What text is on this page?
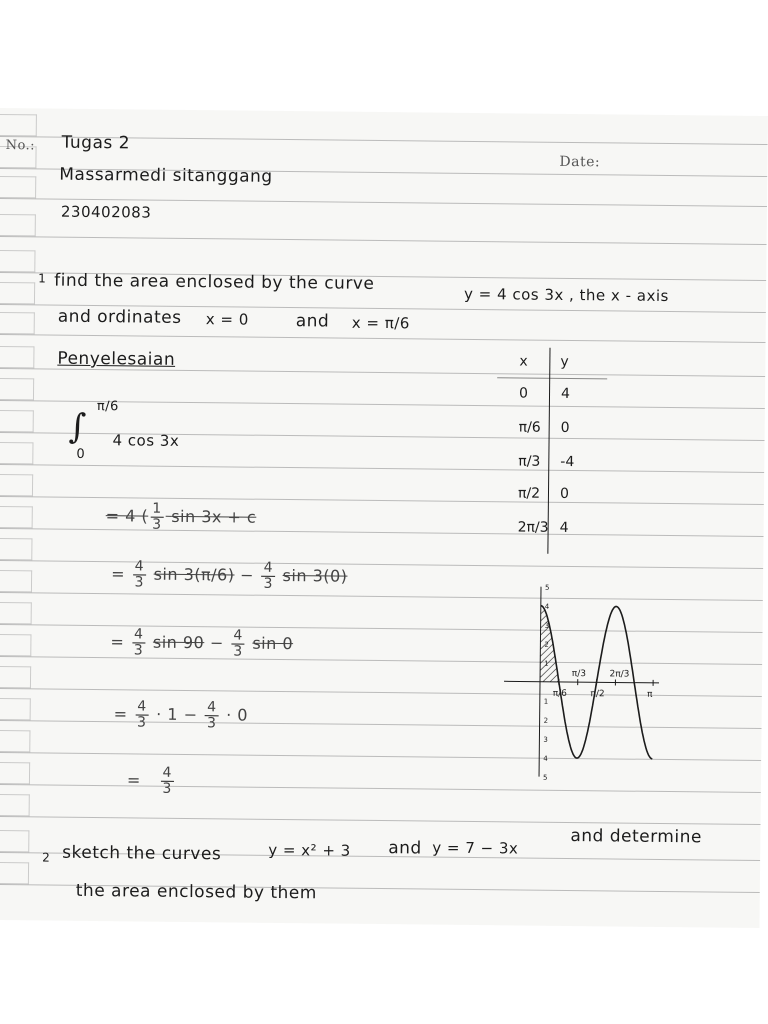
No.:
Date:
Tugas 2
Massarmedi sitanggang
230402083
1 find the area enclosed by the curve
y = 4 cos 3x , the x - axis
and ordinates x = 0	and x = π/6
Penyelesaian
∫
π/6
0
4 cos 3x
= 4 ( $\frac{1}{3}$ sin 3x + c
= $\frac{4}{3}$ $\sin 3(\pi/6) - \frac{4}{3}$ sin 3(0)
= $\frac{4}{3}$ $\sin 90 - \frac{4}{3}$ sin 0
= $\frac{4}{3} \cdot 1 - \frac{4}{3} \cdot 0$
= $\frac{4}{3}$
x y
0 4
π/6 0
π/3 -4
π/2 0
2π/3 4
π/6
π/3
π/2
2π/3
π
5
4
3
2
1
1
2
3
4
5
2 sketch the curves	y = x² + 3 and y = 7 − 3x
and determine
the area enclosed by them
